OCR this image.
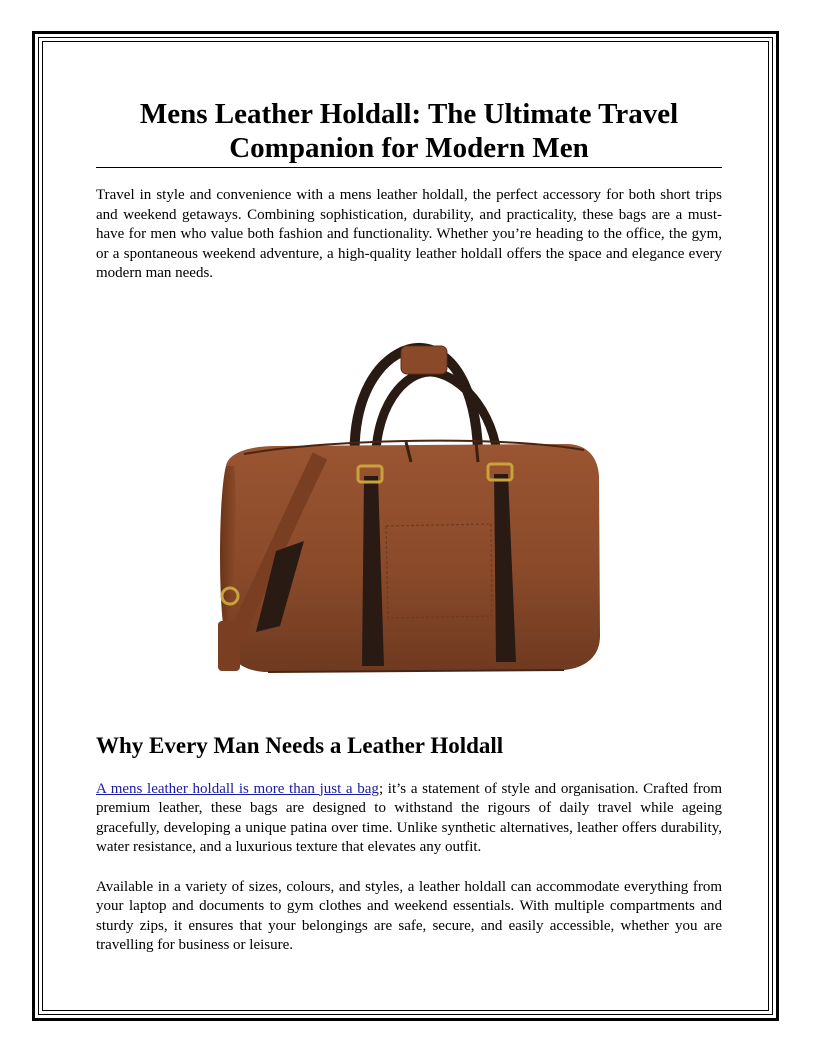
Mens Leather Holdall: The Ultimate Travel Companion for Modern Men

Travel in style and convenience with a mens leather holdall, the perfect accessory for both short trips and weekend getaways. Combining sophistication, durability, and practicality, these bags are a must-have for men who value both fashion and functionality. Whether you’re heading to the office, the gym, or a spontaneous weekend adventure, a high-quality leather holdall offers the space and elegance every modern man needs.

Why Every Man Needs a Leather Holdall

A mens leather holdall is more than just a bag; it’s a statement of style and organisation. Crafted from premium leather, these bags are designed to withstand the rigours of daily travel while ageing gracefully, developing a unique patina over time. Unlike synthetic alternatives, leather offers durability, water resistance, and a luxurious texture that elevates any outfit.

Available in a variety of sizes, colours, and styles, a leather holdall can accommodate everything from your laptop and documents to gym clothes and weekend essentials. With multiple compartments and sturdy zips, it ensures that your belongings are safe, secure, and easily accessible, whether you are travelling for business or leisure.
